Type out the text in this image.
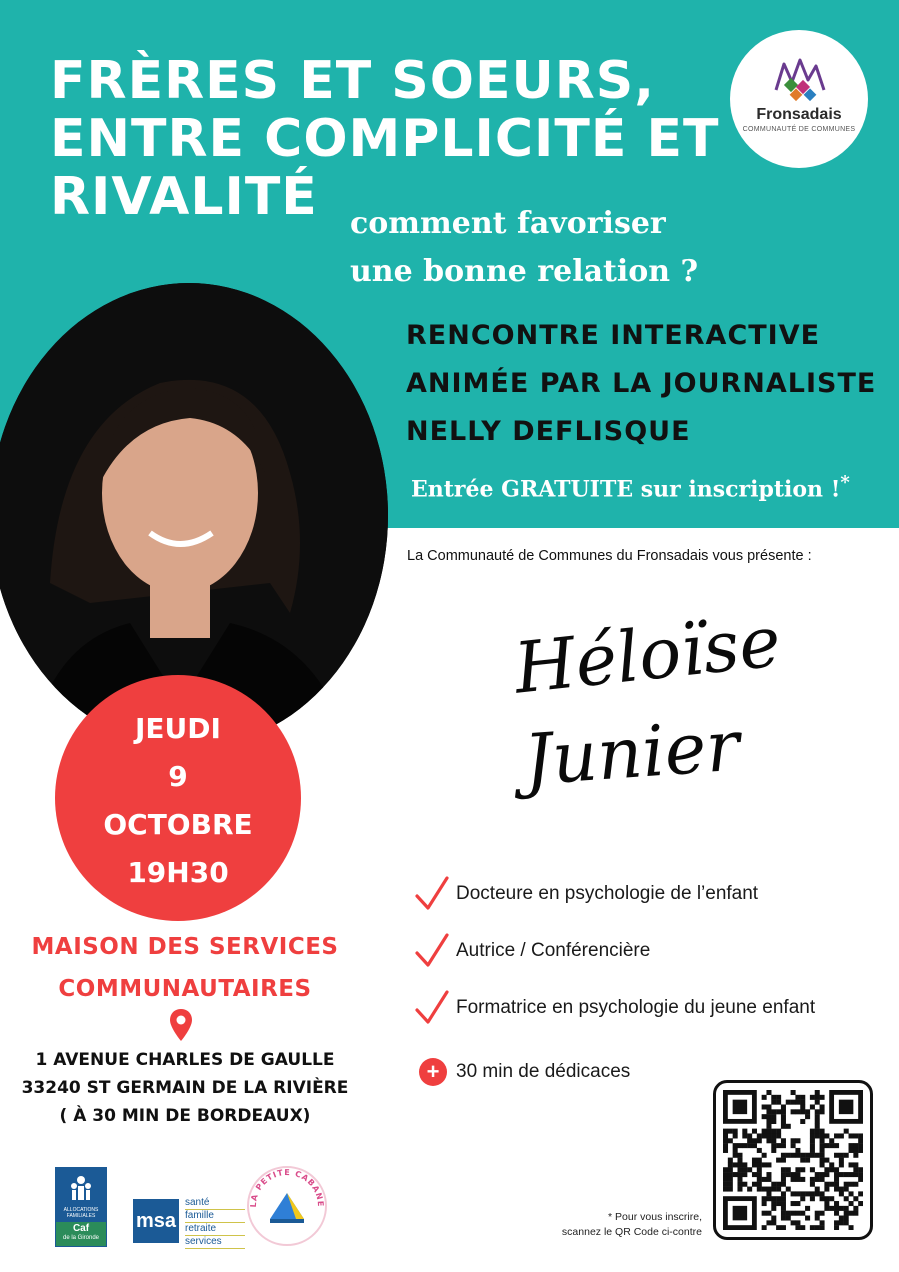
FRÈRES ET SOEURS,
ENTRE COMPLICITÉ ET
RIVALITÉ	comment favoriser
une bonne relation ?
RENCONTRE INTERACTIVE
ANIMÉE PAR LA JOURNALISTE
NELLY DEFLISQUE
Entrée GRATUITE sur inscription !*
Fronsadais
COMMUNAUTÉ DE COMMUNES
La Communauté de Communes du Fronsadais vous présente :
Héloïse
Junier
JEUDI
9
OCTOBRE
19H30
MAISON DES SERVICES
COMMUNAUTAIRES
1 AVENUE CHARLES DE GAULLE
33240 ST GERMAIN DE LA RIVIÈRE
( À 30 MIN DE BORDEAUX)
Docteure en psychologie de l’enfant
Autrice / Conférencière
Formatrice en psychologie du jeune enfant
+ 30 min de dédicaces
* Pour vous inscrire,
scannez le QR Code ci-contre
ALLOCATIONS
FAMILIALES
Caf
de la Gironde
msa
santé
famille
retraite
services
LA PETITE CABANE
